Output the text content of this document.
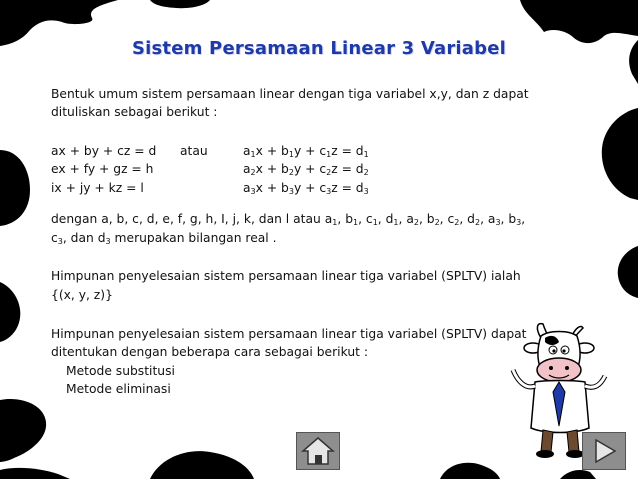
Sistem Persamaan Linear 3 Variabel
Bentuk umum sistem persamaan linear dengan tiga variabel x,y, dan z dapat
dituliskan sebagai berikut :
ax + by + cz = d
ex + fy + gz = h
ix + jy + kz = l
atau	$a_1x + b_1y + c_1z = d_1$
$a_2x + b_2y + c_2z = d_2$
$a_3x + b_3y + c_3z = d_3$
dengan a, b, c, d, e, f, g, h, I, j, k, dan l atau $a_1$, $b_1$, $c_1$, $d_1$, $a_2$, $b_2$, $c_2$, $d_2$, $a_3$, $b_3$,
$c_3$, dan $d_3$ merupakan bilangan real .
Himpunan penyelesaian sistem persamaan linear tiga variabel (SPLTV) ialah
{(x, y, z)}
Himpunan penyelesaian sistem persamaan linear tiga variabel (SPLTV) dapat
ditentukan dengan beberapa cara sebagai berikut :
Metode substitusi
Metode eliminasi
